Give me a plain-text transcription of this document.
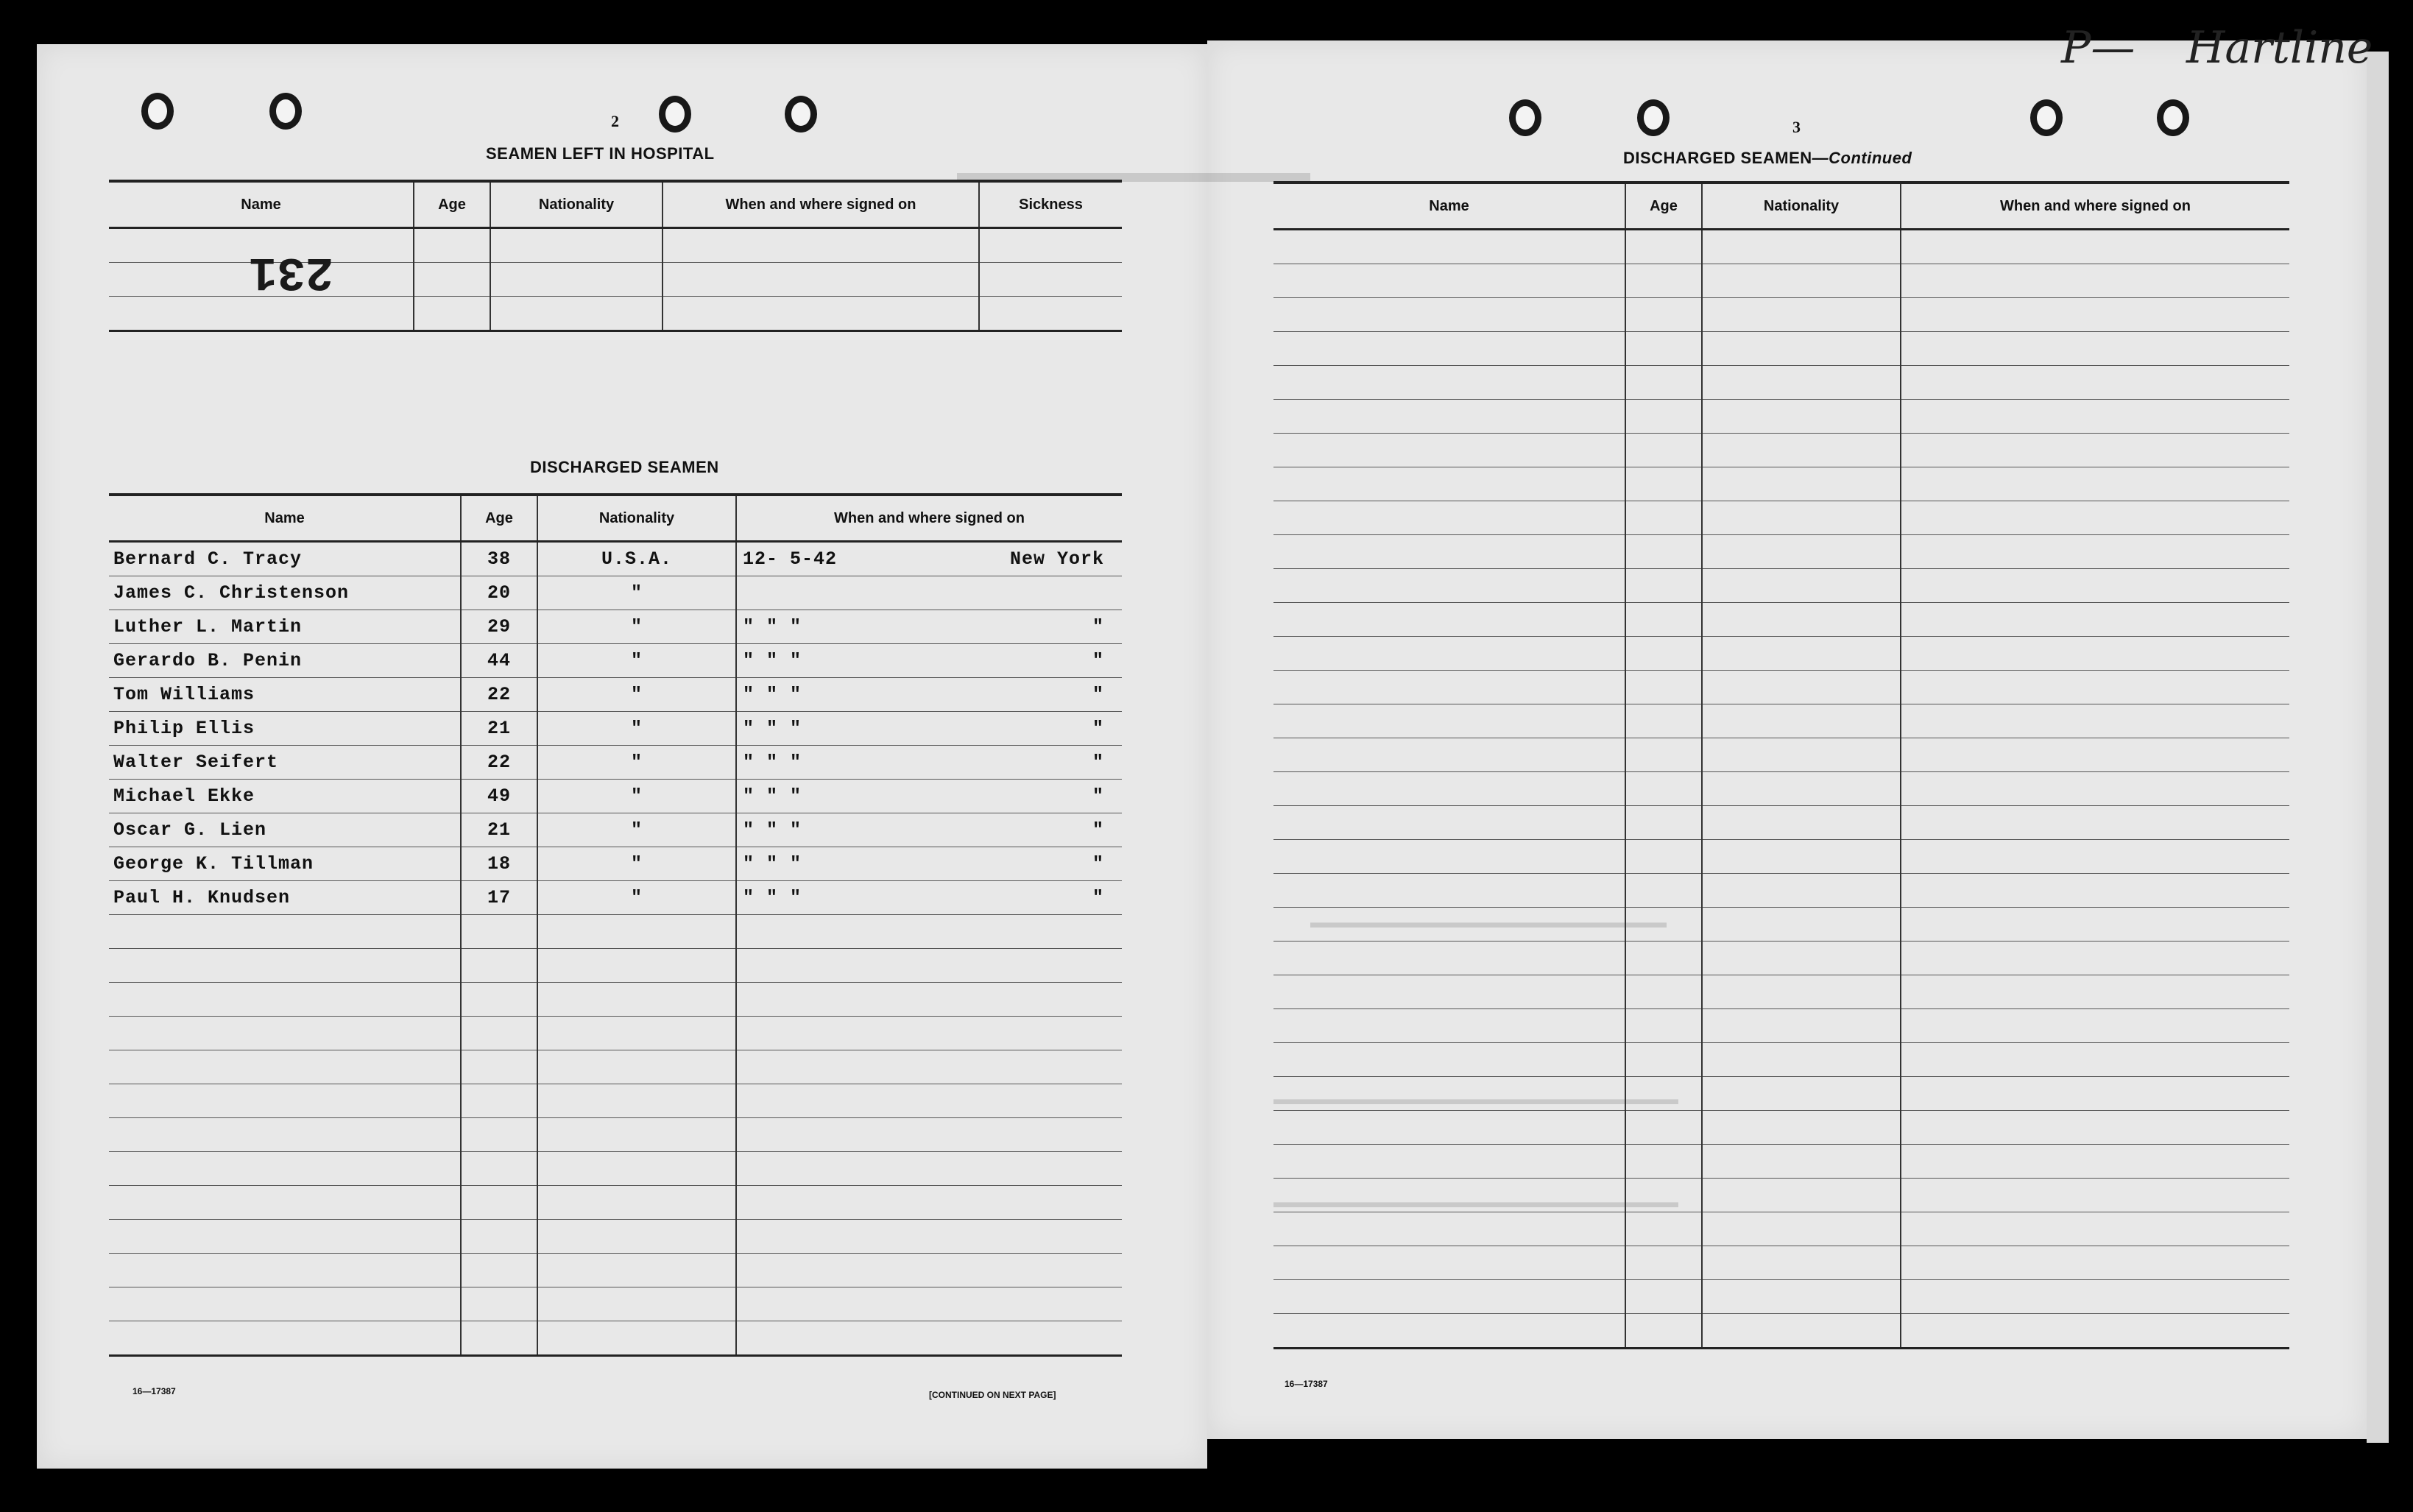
▬▬▬▬▬▬▬▬▬▬▬▬
▬▬▬▬▬▬▬▬▬▬▬▬▬▬▬▬▬▬▬▬▬▬
▬▬▬▬▬▬▬▬▬▬▬▬▬▬▬▬▬▬▬▬▬▬▬▬▬
▬▬▬▬▬▬▬▬▬▬▬▬▬▬▬▬▬▬▬▬▬▬▬▬▬
2
SEAMEN LEFT IN HOSPITAL
Name	Age	Nationality	When and where signed on	Sickness

231
DISCHARGED SEAMEN
Name	Age	Nationality	When and where signed on
Bernard C. Tracy	38	U.S.A.	12- 5-42 New York

James C. Christenson	20	"	

Luther L. Martin	29	"	" " " "

Gerardo B. Penin	44	"	" " " "

Tom Williams	22	"	" " " "

Philip Ellis	21	"	" " " "

Walter Seifert	22	"	" " " "

Michael Ekke	49	"	" " " "

Oscar G. Lien	21	"	" " " "

George K. Tillman	18	"	" " " "

Paul H. Knudsen	17	"	" " " "

16—17387	[CONTINUED ON NEXT PAGE]
3
DISCHARGED SEAMEN—Continued
Name	Age	Nationality	When and where signed on

16—17387
P— Hartline
